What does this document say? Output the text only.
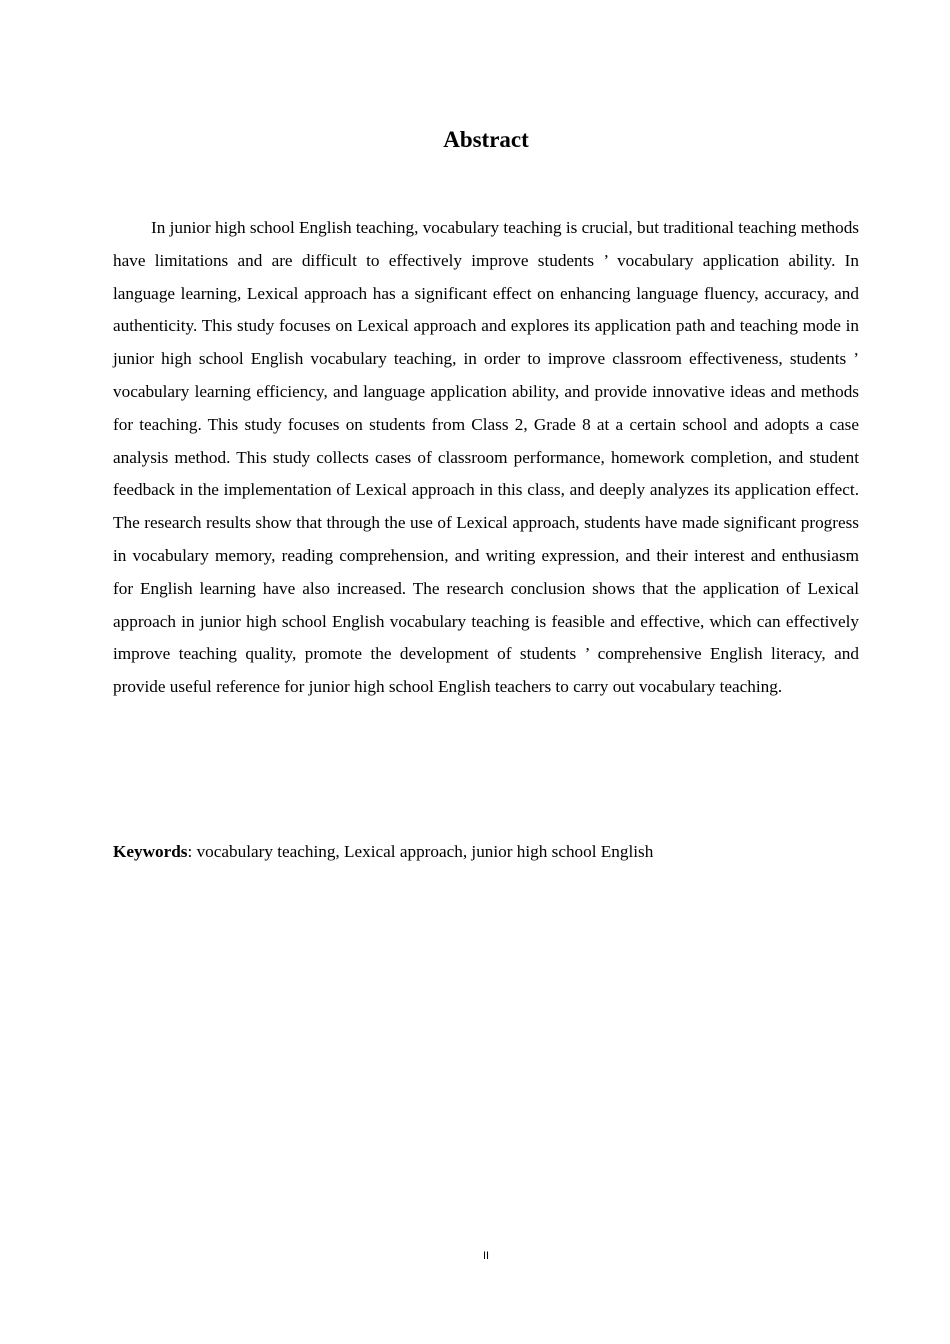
Abstract

In junior high school English teaching, vocabulary teaching is crucial, but traditional teaching methods have limitations and are difficult to effectively improve students ’ vocabulary application ability. In language learning, Lexical approach has a significant effect on enhancing language fluency, accuracy, and authenticity. This study focuses on Lexical approach and explores its application path and teaching mode in junior high school English vocabulary teaching, in order to improve classroom effectiveness, students ’ vocabulary learning efficiency, and language application ability, and provide innovative ideas and methods for teaching. This study focuses on students from Class 2, Grade 8 at a certain school and adopts a case analysis method. This study collects cases of classroom performance, homework completion, and student feedback in the implementation of Lexical approach in this class, and deeply analyzes its application effect. The research results show that through the use of Lexical approach, students have made significant progress in vocabulary memory, reading comprehension, and writing expression, and their interest and enthusiasm for English learning have also increased. The research conclusion shows that the application of Lexical approach in junior high school English vocabulary teaching is feasible and effective, which can effectively improve teaching quality, promote the development of students ’ comprehensive English literacy, and provide useful reference for junior high school English teachers to carry out vocabulary teaching.

Keywords: vocabulary teaching, Lexical approach, junior high school English

II
